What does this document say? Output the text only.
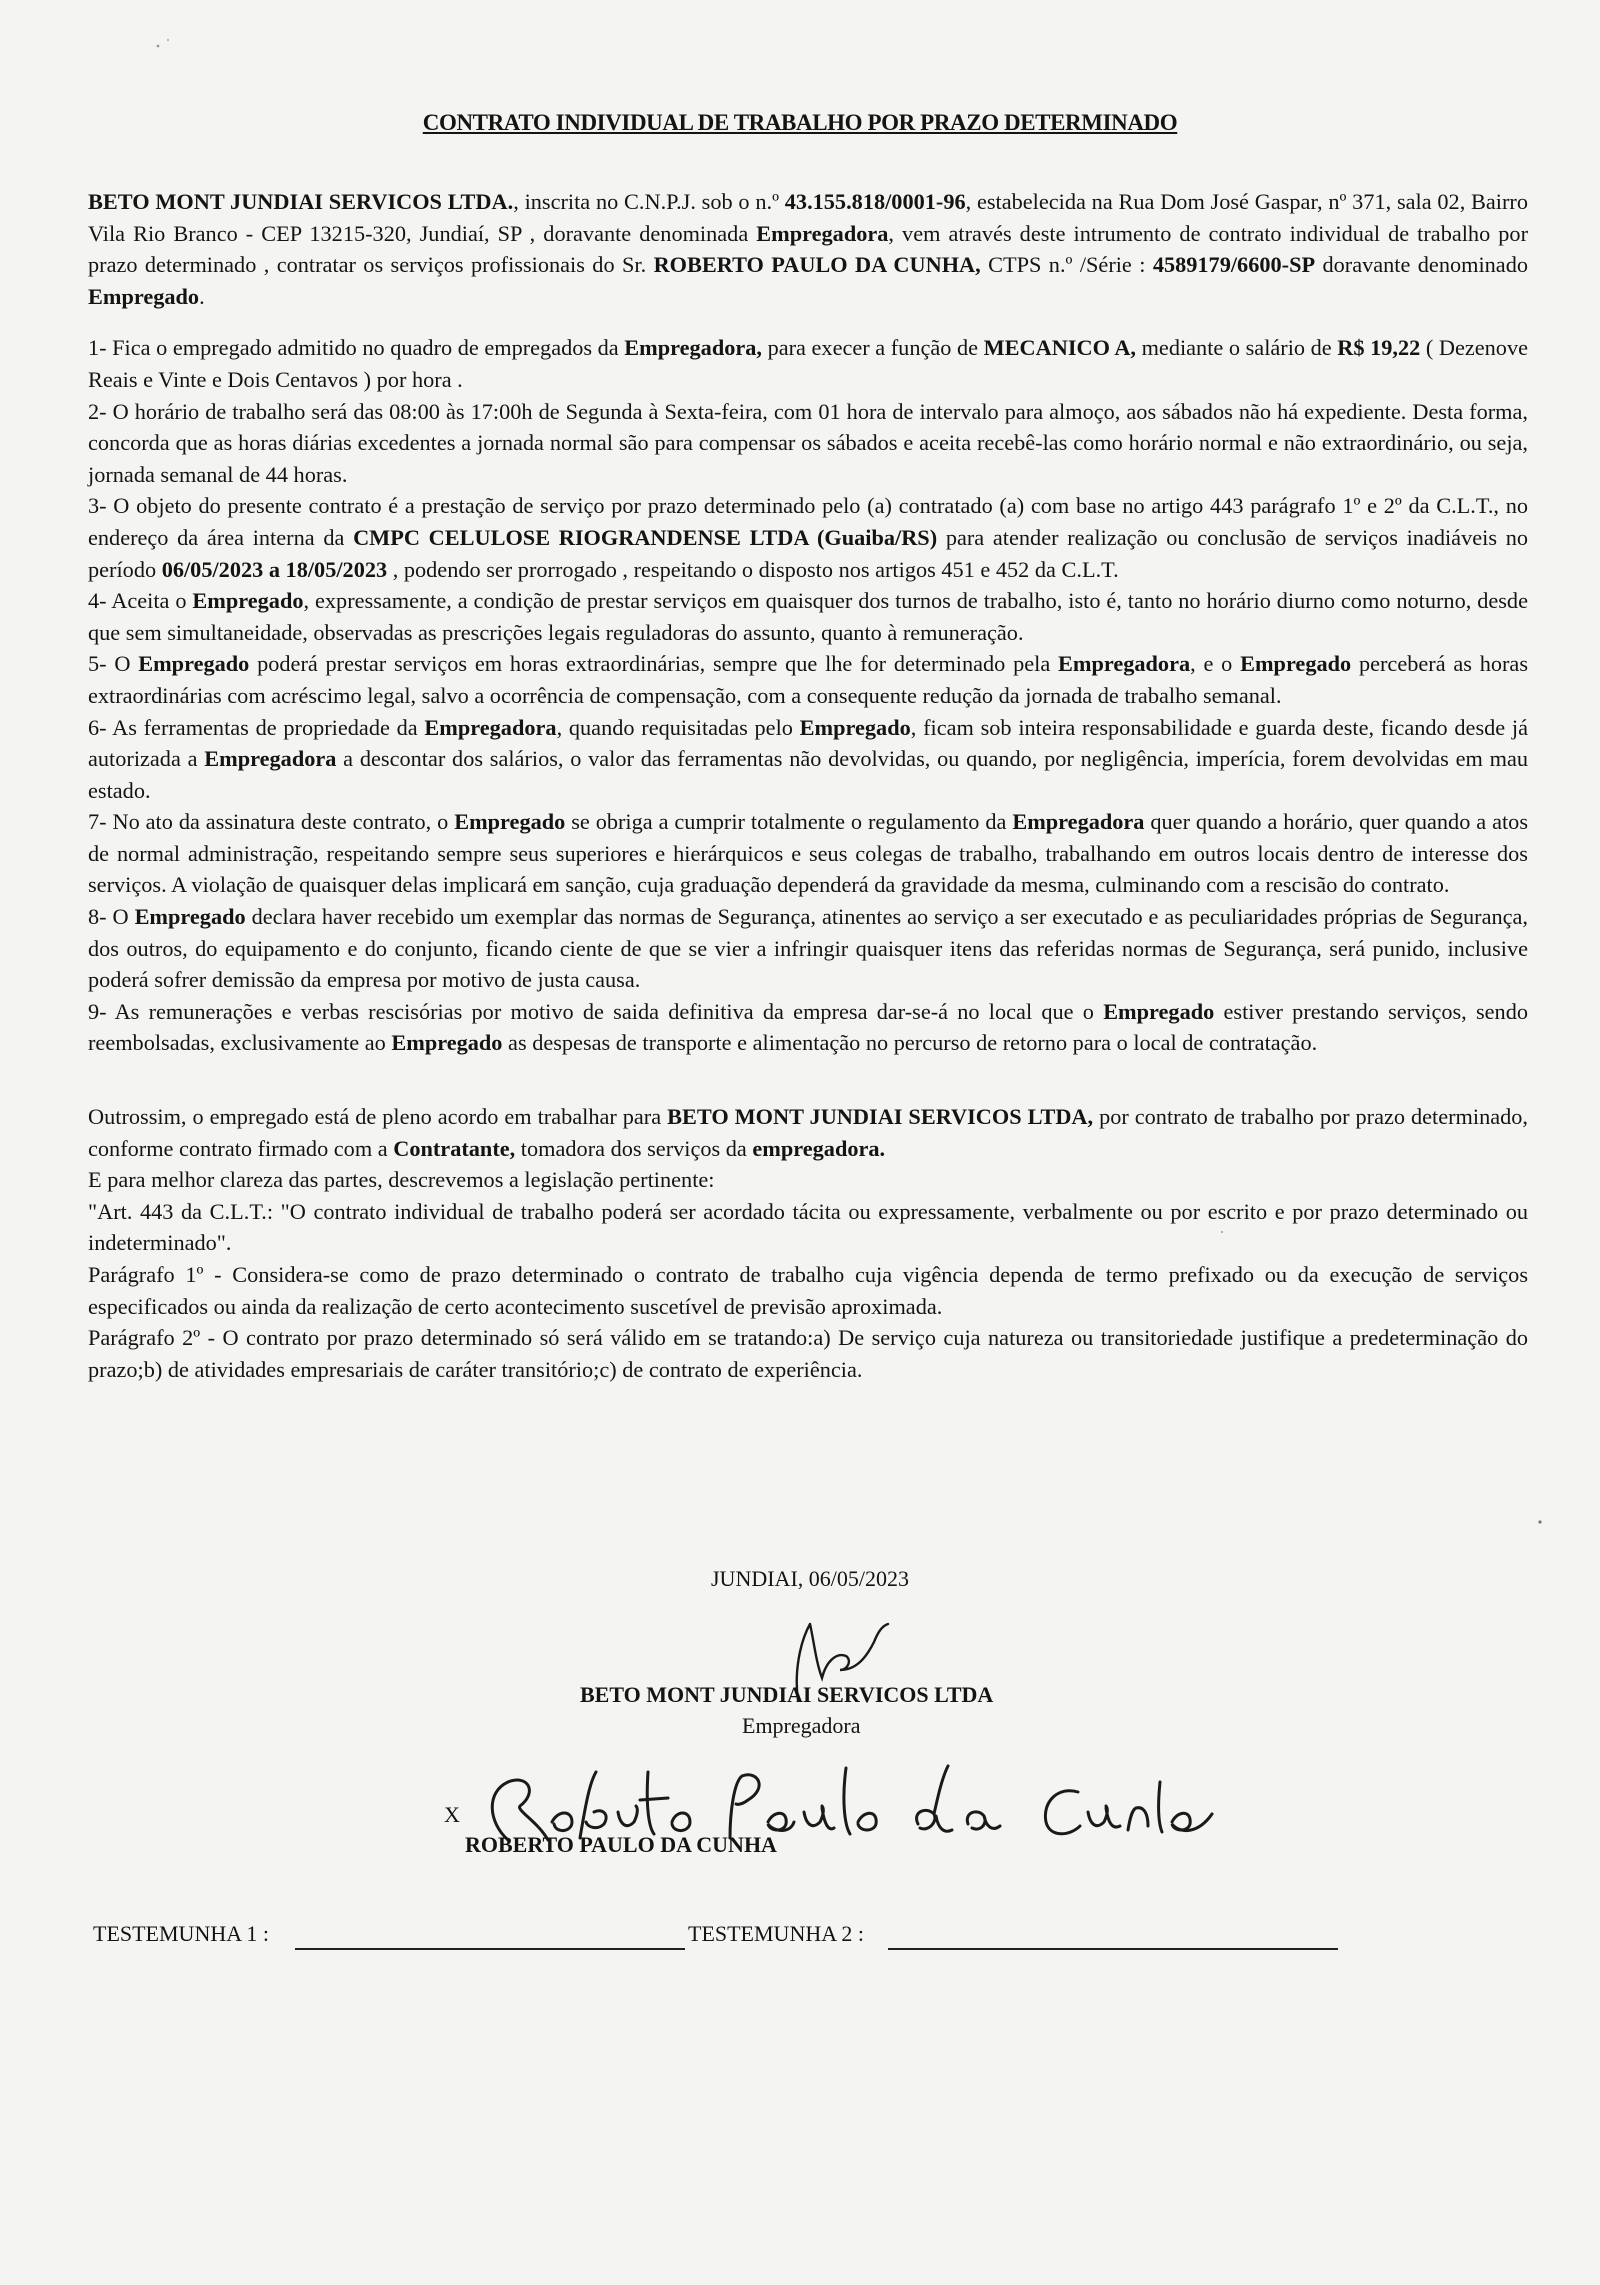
CONTRATO INDIVIDUAL DE TRABALHO POR PRAZO DETERMINADO

BETO MONT JUNDIAI SERVICOS LTDA., inscrita no C.N.P.J. sob o n.º 43.155.818/0001-96, estabelecida na Rua Dom José Gaspar, nº 371, sala 02, Bairro Vila Rio Branco - CEP 13215-320, Jundiaí, SP , doravante denominada Empregadora, vem através deste intrumento de contrato individual de trabalho por prazo determinado , contratar os serviços profissionais do Sr. ROBERTO PAULO DA CUNHA, CTPS n.º /Série : 4589179/6600-SP doravante denominado Empregado.

1- Fica o empregado admitido no quadro de empregados da Empregadora, para execer a função de MECANICO A, mediante o salário de R$ 19,22 ( Dezenove Reais e Vinte e Dois Centavos ) por hora .

2- O horário de trabalho será das 08:00 às 17:00h de Segunda à Sexta-feira, com 01 hora de intervalo para almoço, aos sábados não há expediente. Desta forma, concorda que as horas diárias excedentes a jornada normal são para compensar os sábados e aceita recebê-las como horário normal e não extraordinário, ou seja, jornada semanal de 44 horas.

3- O objeto do presente contrato é a prestação de serviço por prazo determinado pelo (a) contratado (a) com base no artigo 443 parágrafo 1º e 2º da C.L.T., no endereço da área interna da CMPC CELULOSE RIOGRANDENSE LTDA (Guaiba/RS) para atender realização ou conclusão de serviços inadiáveis no período 06/05/2023 a 18/05/2023 , podendo ser prorrogado , respeitando o disposto nos artigos 451 e 452 da C.L.T.

4- Aceita o Empregado, expressamente, a condição de prestar serviços em quaisquer dos turnos de trabalho, isto é, tanto no horário diurno como noturno, desde que sem simultaneidade, observadas as prescrições legais reguladoras do assunto, quanto à remuneração.

5- O Empregado poderá prestar serviços em horas extraordinárias, sempre que lhe for determinado pela Empregadora, e o Empregado perceberá as horas extraordinárias com acréscimo legal, salvo a ocorrência de compensação, com a consequente redução da jornada de trabalho semanal.

6- As ferramentas de propriedade da Empregadora, quando requisitadas pelo Empregado, ficam sob inteira responsabilidade e guarda deste, ficando desde já autorizada a Empregadora a descontar dos salários, o valor das ferramentas não devolvidas, ou quando, por negligência, imperícia, forem devolvidas em mau estado.

7- No ato da assinatura deste contrato, o Empregado se obriga a cumprir totalmente o regulamento da Empregadora quer quando a horário, quer quando a atos de normal administração, respeitando sempre seus superiores e hierárquicos e seus colegas de trabalho, trabalhando em outros locais dentro de interesse dos serviços. A violação de quaisquer delas implicará em sanção, cuja graduação dependerá da gravidade da mesma, culminando com a rescisão do contrato.

8- O Empregado declara haver recebido um exemplar das normas de Segurança, atinentes ao serviço a ser executado e as peculiaridades próprias de Segurança, dos outros, do equipamento e do conjunto, ficando ciente de que se vier a infringir quaisquer itens das referidas normas de Segurança, será punido, inclusive poderá sofrer demissão da empresa por motivo de justa causa.

9- As remunerações e verbas rescisórias por motivo de saida definitiva da empresa dar-se-á no local que o Empregado estiver prestando serviços, sendo reembolsadas, exclusivamente ao Empregado as despesas de transporte e alimentação no percurso de retorno para o local de contratação.

Outrossim, o empregado está de pleno acordo em trabalhar para BETO MONT JUNDIAI SERVICOS LTDA, por contrato de trabalho por prazo determinado, conforme contrato firmado com a Contratante, tomadora dos serviços da empregadora.

E para melhor clareza das partes, descrevemos a legislação pertinente:

"Art. 443 da C.L.T.: "O contrato individual de trabalho poderá ser acordado tácita ou expressamente, verbalmente ou por escrito e por prazo determinado ou indeterminado".

Parágrafo 1º - Considera-se como de prazo determinado o contrato de trabalho cuja vigência dependa de termo prefixado ou da execução de serviços especificados ou ainda da realização de certo acontecimento suscetível de previsão aproximada.

Parágrafo 2º - O contrato por prazo determinado só será válido em se tratando:a) De serviço cuja natureza ou transitoriedade justifique a predeterminação do prazo;b) de atividades empresariais de caráter transitório;c) de contrato de experiência.

JUNDIAI, 06/05/2023
BETO MONT JUNDIAI SERVICOS LTDA
Empregadora
X
ROBERTO PAULO DA CUNHA
TESTEMUNHA 1 :	TESTEMUNHA 2 :
